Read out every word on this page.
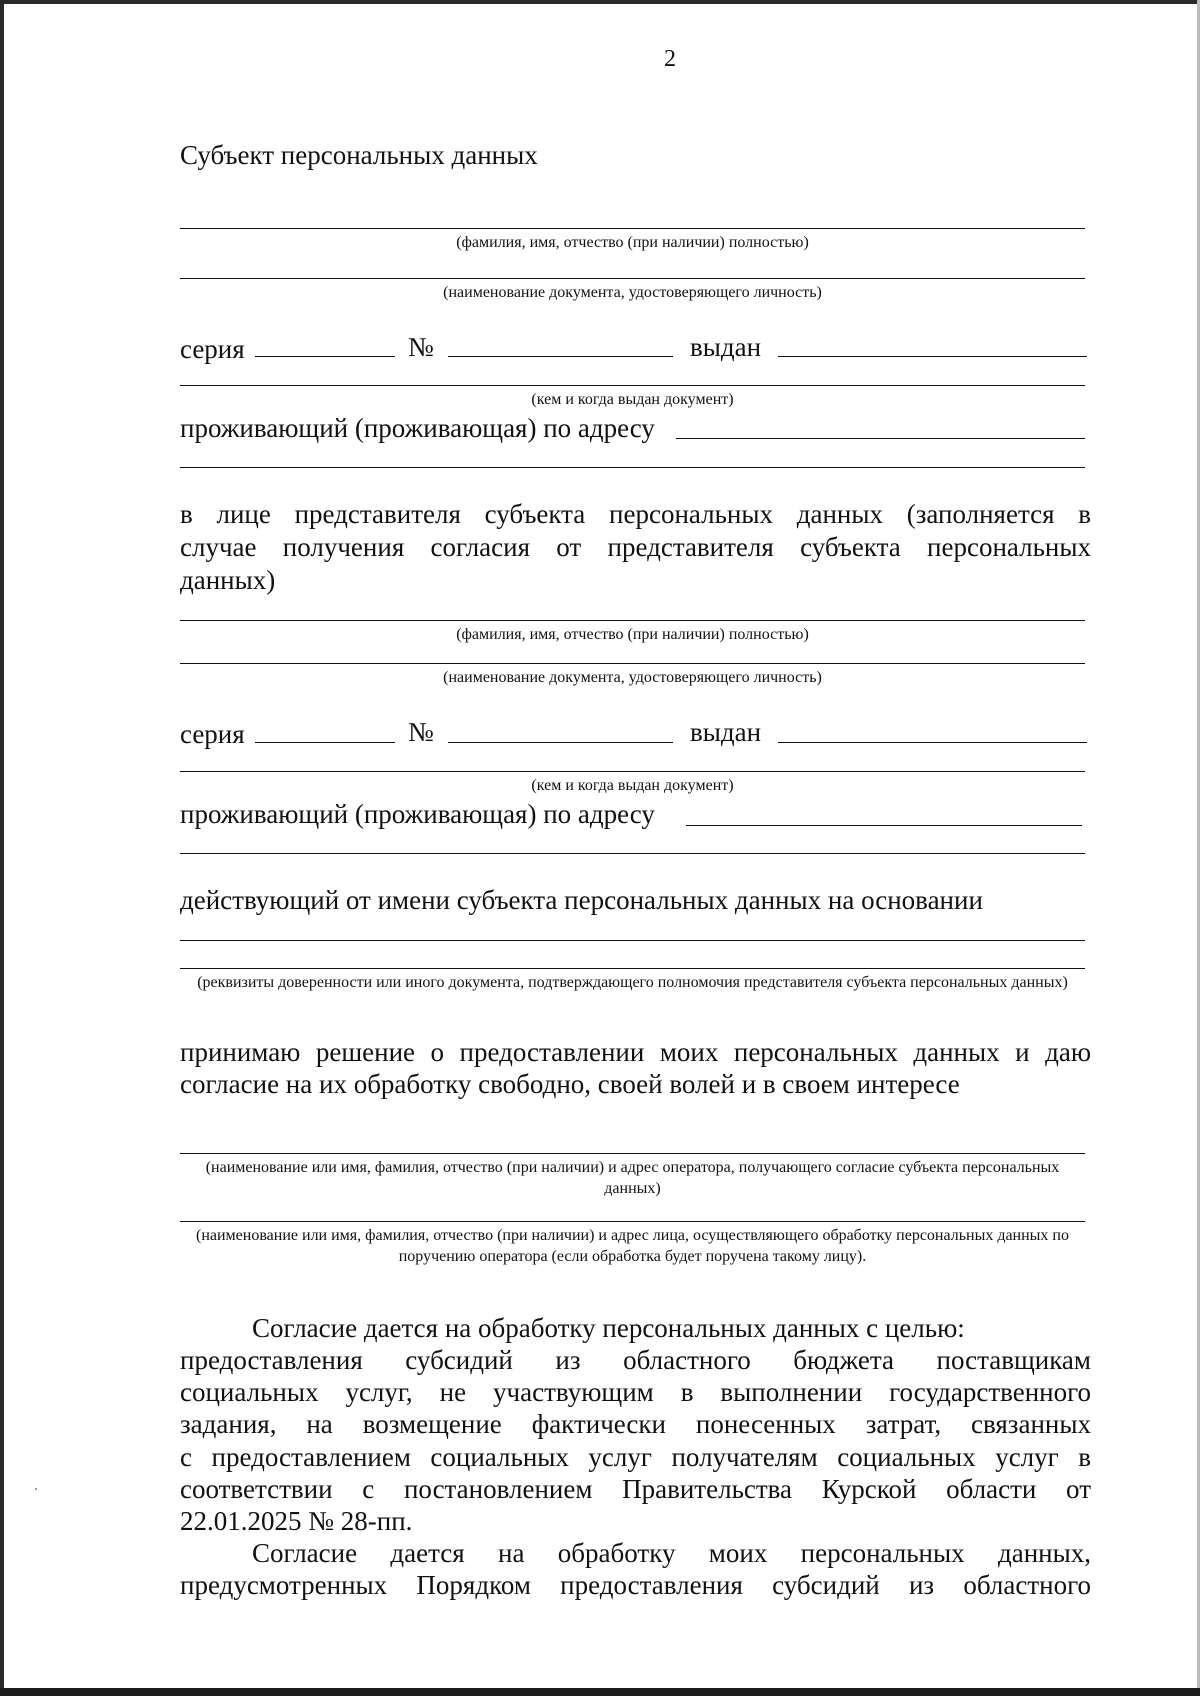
2
Субъект персональных данных
(фамилия, имя, отчество (при наличии) полностью)
(наименование документа, удостоверяющего личность)
серия	№	выдан
(кем и когда выдан документ)
проживающий (проживающая) по адресу
в лице представителя субъекта персональных данных (заполняется в
случае получения согласия от представителя субъекта персональных
данных)
(фамилия, имя, отчество (при наличии) полностью)
(наименование документа, удостоверяющего личность)
серия	№	выдан
(кем и когда выдан документ)
проживающий (проживающая) по адресу
действующий от имени субъекта персональных данных на основании
(реквизиты доверенности или иного документа, подтверждающего полномочия представителя субъекта персональных данных)
принимаю решение о предоставлении моих персональных данных и даю
согласие на их обработку свободно, своей волей и в своем интересе
(наименование или имя, фамилия, отчество (при наличии) и адрес оператора, получающего согласие субъекта персональных данных)
(наименование или имя, фамилия, отчество (при наличии) и адрес лица, осуществляющего обработку персональных данных по поручению оператора (если обработка будет поручена такому лицу).
Согласие дается на обработку персональных данных с целью:
предоставления субсидий из областного бюджета поставщикам
социальных услуг, не участвующим в выполнении государственного
задания, на возмещение фактически понесенных затрат, связанных
с предоставлением социальных услуг получателям социальных услуг в
соответствии с постановлением Правительства Курской области от
22.01.2025 № 28-пп.
Согласие дается на обработку моих персональных данных,
предусмотренных Порядком предоставления субсидий из областного
